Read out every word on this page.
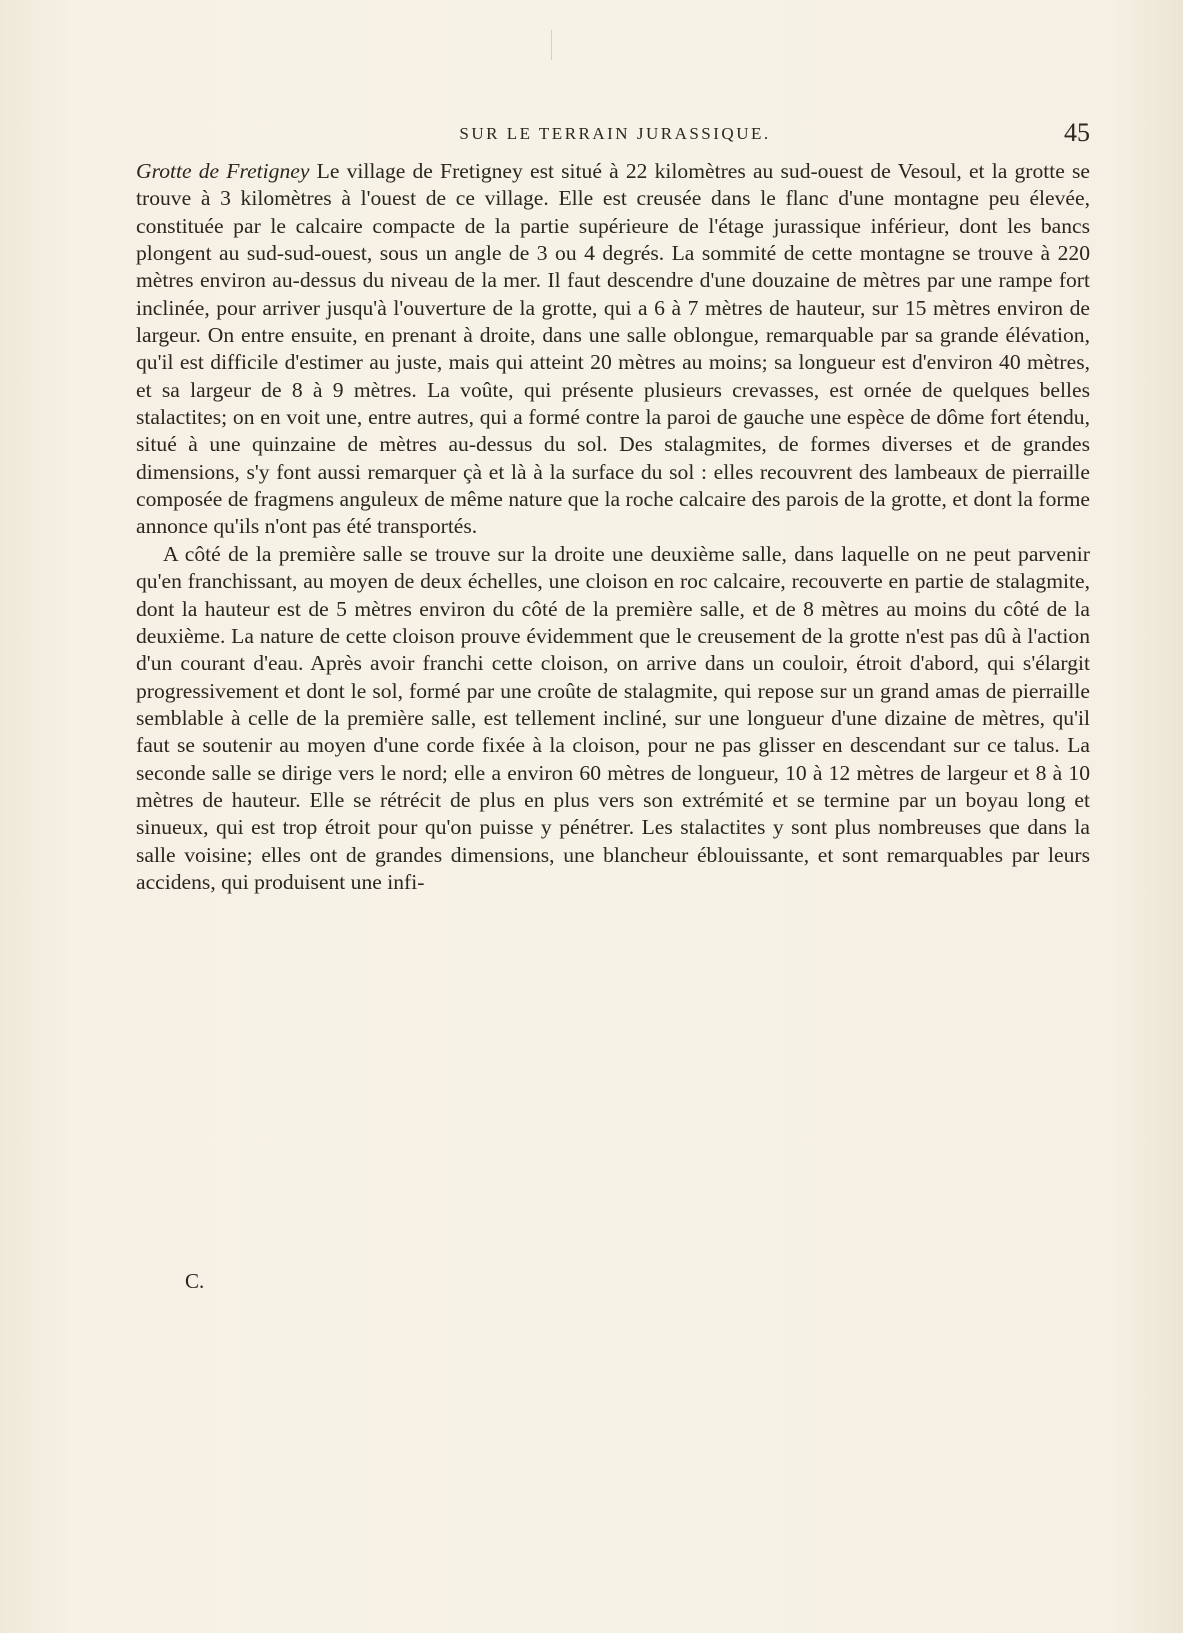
SUR LE TERRAIN JURASSIQUE.	45

Grotte de Fretigney Le village de Fretigney est situé à 22 kilomètres au sud-ouest de Vesoul, et la grotte se trouve à 3 kilomètres à l'ouest de ce village. Elle est creusée dans le flanc d'une montagne peu élevée, constituée par le calcaire compacte de la partie supérieure de l'étage jurassique inférieur, dont les bancs plongent au sud-sud-ouest, sous un angle de 3 ou 4 degrés. La sommité de cette montagne se trouve à 220 mètres environ au-dessus du niveau de la mer. Il faut descendre d'une douzaine de mètres par une rampe fort inclinée, pour arriver jusqu'à l'ouverture de la grotte, qui a 6 à 7 mètres de hauteur, sur 15 mètres environ de largeur. On entre ensuite, en prenant à droite, dans une salle oblongue, remarquable par sa grande élévation, qu'il est difficile d'estimer au juste, mais qui atteint 20 mètres au moins; sa longueur est d'environ 40 mètres, et sa largeur de 8 à 9 mètres. La voûte, qui présente plusieurs crevasses, est ornée de quelques belles stalactites; on en voit une, entre autres, qui a formé contre la paroi de gauche une espèce de dôme fort étendu, situé à une quinzaine de mètres au-dessus du sol. Des stalagmites, de formes diverses et de grandes dimensions, s'y font aussi remarquer çà et là à la surface du sol : elles recouvrent des lambeaux de pierraille composée de fragmens anguleux de même nature que la roche calcaire des parois de la grotte, et dont la forme annonce qu'ils n'ont pas été transportés.

A côté de la première salle se trouve sur la droite une deuxième salle, dans laquelle on ne peut parvenir qu'en franchissant, au moyen de deux échelles, une cloison en roc calcaire, recouverte en partie de stalagmite, dont la hauteur est de 5 mètres environ du côté de la première salle, et de 8 mètres au moins du côté de la deuxième. La nature de cette cloison prouve évidemment que le creusement de la grotte n'est pas dû à l'action d'un courant d'eau. Après avoir franchi cette cloison, on arrive dans un couloir, étroit d'abord, qui s'élargit progressivement et dont le sol, formé par une croûte de stalagmite, qui repose sur un grand amas de pierraille semblable à celle de la première salle, est tellement incliné, sur une longueur d'une dizaine de mètres, qu'il faut se soutenir au moyen d'une corde fixée à la cloison, pour ne pas glisser en descendant sur ce talus. La seconde salle se dirige vers le nord; elle a environ 60 mètres de longueur, 10 à 12 mètres de largeur et 8 à 10 mètres de hauteur. Elle se rétrécit de plus en plus vers son extrémité et se termine par un boyau long et sinueux, qui est trop étroit pour qu'on puisse y pénétrer. Les stalactites y sont plus nombreuses que dans la salle voisine; elles ont de grandes dimensions, une blancheur éblouissante, et sont remarquables par leurs accidens, qui produisent une infi-

C.
